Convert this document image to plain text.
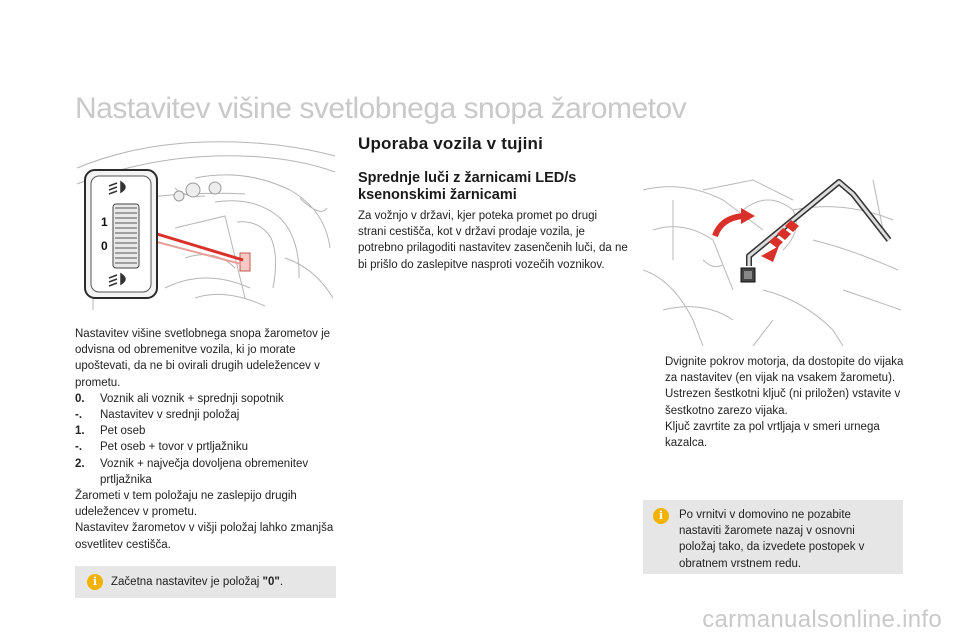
Nastavitev višine svetlobnega snopa žarometov
1
0
Uporaba vozila v tujini
Sprednje luči z žarnicami LED/s ksenonskimi žarnicami
Za vožnjo v državi, kjer poteka promet po drugi strani cestišča, kot v državi prodaje vozila, je potrebno prilagoditi nastavitev zasenčenih luči, da ne bi prišlo do zaslepitve nasproti vozečih voznikov.
Nastavitev višine svetlobnega snopa žarometov je odvisna od obremenitve vozila, ki jo morate upoštevati, da ne bi ovirali drugih udeležencev v prometu.
0.	Voznik ali voznik + sprednji sopotnik
-.	Nastavitev v srednji položaj
1.	Pet oseb
-.	Pet oseb + tovor v prtljažniku
2.	Voznik + največja dovoljena obremenitev prtljažnika
Žarometi v tem položaju ne zaslepijo drugih udeležencev v prometu.
Nastavitev žarometov v višji položaj lahko zmanjša osvetlitev cestišča.
i	Začetna nastavitev je položaj "0".
Dvignite pokrov motorja, da dostopite do vijaka za nastavitev (en vijak na vsakem žarometu).
Ustrezen šestkotni ključ (ni priložen) vstavite v šestkotno zarezo vijaka.
Ključ zavrtite za pol vrtljaja v smeri urnega kazalca.
i	Po vrnitvi v domovino ne pozabite nastaviti žaromete nazaj v osnovni položaj tako, da izvedete postopek v obratnem vrstnem redu.
carmanualsonline.info
